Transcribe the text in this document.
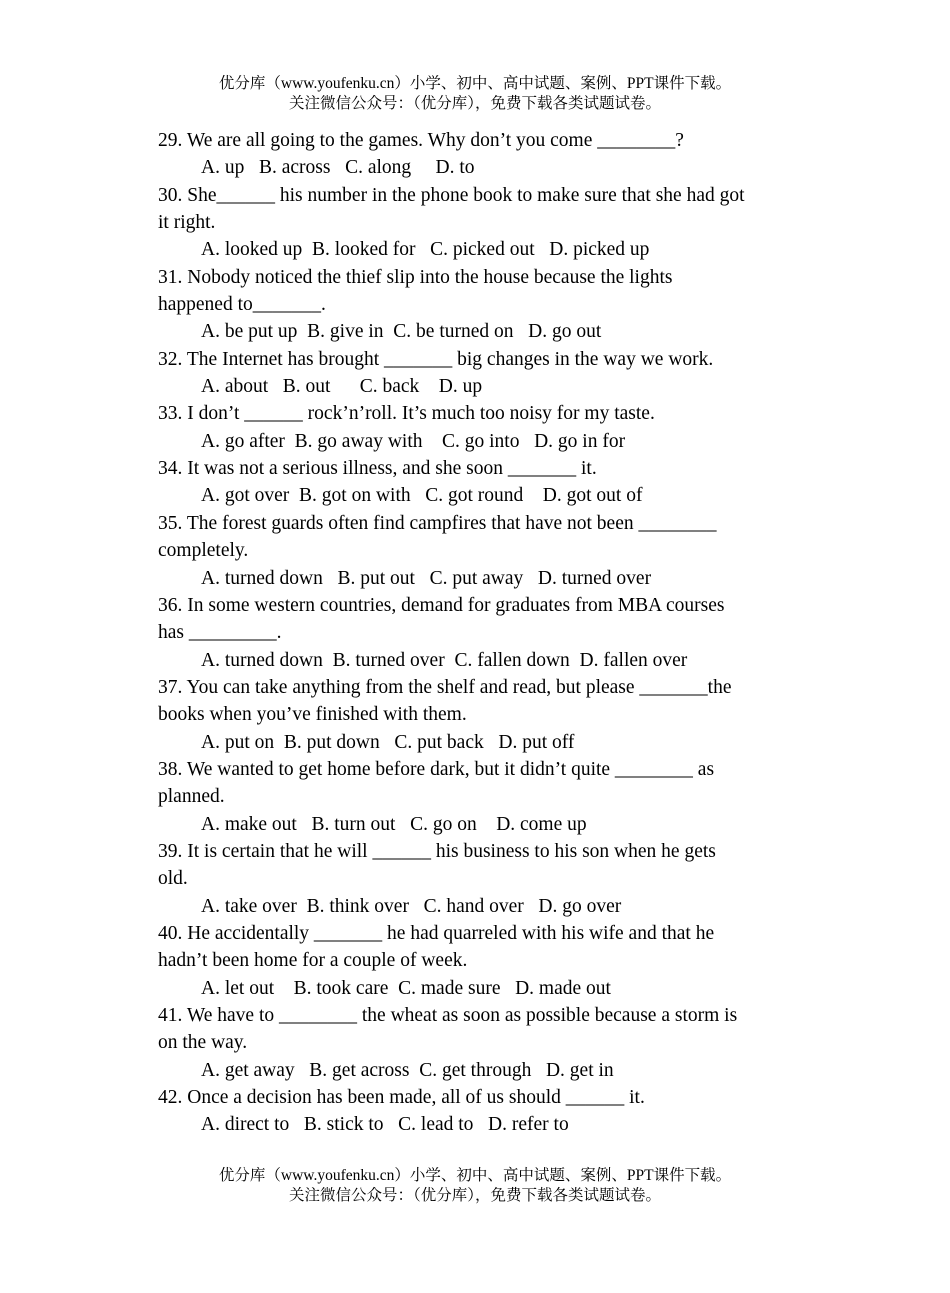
优分库（www.youfenku.cn）小学、初中、高中试题、案例、PPT课件下载。
关注微信公众号：（优分库），免费下载各类试题试卷。
29. We are all going to the games. Why don’t you come ________?
A. up   B. across   C. along     D. to
30. She______ his number in the phone book to make sure that she had got
it right.
A. looked up  B. looked for   C. picked out   D. picked up
31. Nobody noticed the thief slip into the house because the lights
happened to_______.
A. be put up  B. give in  C. be turned on   D. go out
32. The Internet has brought _______ big changes in the way we work.
A. about   B. out      C. back    D. up
33. I don’t ______ rock’n’roll. It’s much too noisy for my taste.
A. go after  B. go away with    C. go into   D. go in for
34. It was not a serious illness, and she soon _______ it.
A. got over  B. got on with   C. got round    D. got out of
35. The forest guards often find campfires that have not been ________
completely.
A. turned down   B. put out   C. put away   D. turned over
36. In some western countries, demand for graduates from MBA courses
has _________.
A. turned down  B. turned over  C. fallen down  D. fallen over
37. You can take anything from the shelf and read, but please _______the
books when you’ve finished with them.
A. put on  B. put down   C. put back   D. put off
38. We wanted to get home before dark, but it didn’t quite ________ as
planned.
A. make out   B. turn out   C. go on    D. come up
39. It is certain that he will ______ his business to his son when he gets
old.
A. take over  B. think over   C. hand over   D. go over
40. He accidentally _______ he had quarreled with his wife and that he
hadn’t been home for a couple of week.
A. let out    B. took care  C. made sure   D. made out
41. We have to ________ the wheat as soon as possible because a storm is
on the way.
A. get away   B. get across  C. get through   D. get in
42. Once a decision has been made, all of us should ______ it.
A. direct to   B. stick to   C. lead to   D. refer to
优分库（www.youfenku.cn）小学、初中、高中试题、案例、PPT课件下载。
关注微信公众号：（优分库），免费下载各类试题试卷。
